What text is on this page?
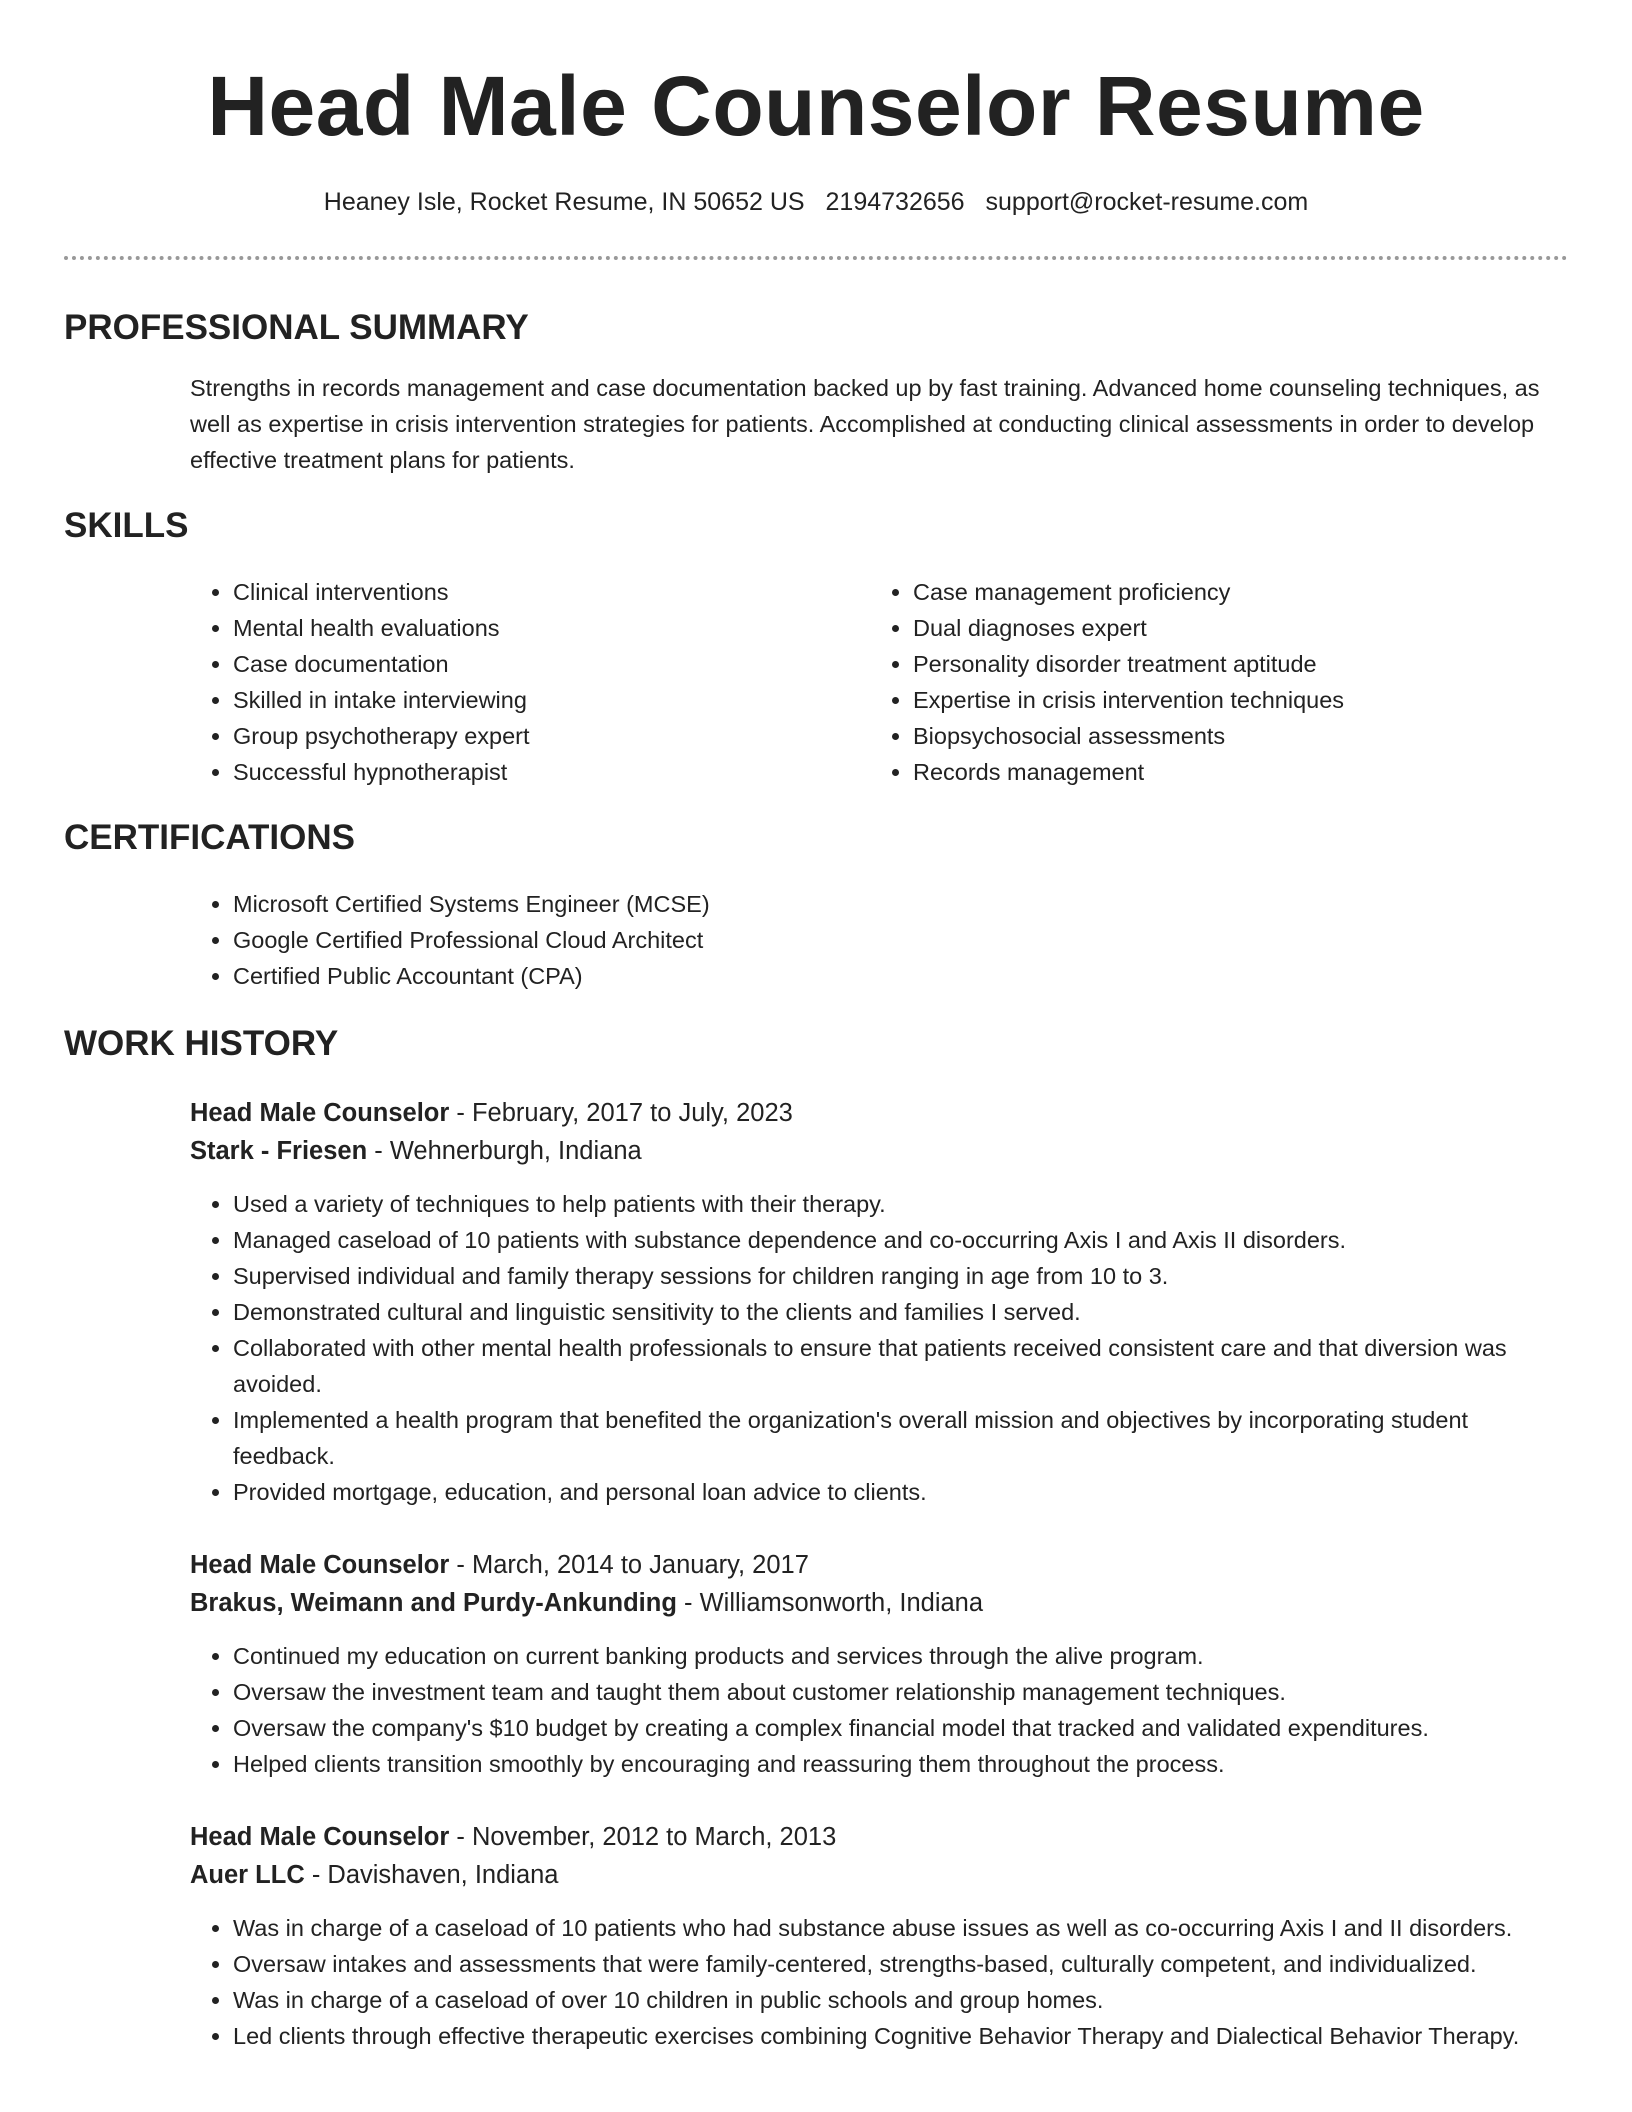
Head Male Counselor Resume
Heaney Isle, Rocket Resume, IN 50652 US 2194732656 support@rocket-resume.com
PROFESSIONAL SUMMARY
Strengths in records management and case documentation backed up by fast training. Advanced home counseling techniques, as well as expertise in crisis intervention strategies for patients. Accomplished at conducting clinical assessments in order to develop effective treatment plans for patients.
SKILLS
• Clinical interventions
• Mental health evaluations
• Case documentation
• Skilled in intake interviewing
• Group psychotherapy expert
• Successful hypnotherapist
• Case management proficiency
• Dual diagnoses expert
• Personality disorder treatment aptitude
• Expertise in crisis intervention techniques
• Biopsychosocial assessments
• Records management
CERTIFICATIONS
• Microsoft Certified Systems Engineer (MCSE)
• Google Certified Professional Cloud Architect
• Certified Public Accountant (CPA)
WORK HISTORY
Head Male Counselor - February, 2017 to July, 2023
Stark - Friesen - Wehnerburgh, Indiana
• Used a variety of techniques to help patients with their therapy.
• Managed caseload of 10 patients with substance dependence and co-occurring Axis I and Axis II disorders.
• Supervised individual and family therapy sessions for children ranging in age from 10 to 3.
• Demonstrated cultural and linguistic sensitivity to the clients and families I served.
• Collaborated with other mental health professionals to ensure that patients received consistent care and that diversion was avoided.
• Implemented a health program that benefited the organization's overall mission and objectives by incorporating student feedback.
• Provided mortgage, education, and personal loan advice to clients.
Head Male Counselor - March, 2014 to January, 2017
Brakus, Weimann and Purdy-Ankunding - Williamsonworth, Indiana
• Continued my education on current banking products and services through the alive program.
• Oversaw the investment team and taught them about customer relationship management techniques.
• Oversaw the company's $10 budget by creating a complex financial model that tracked and validated expenditures.
• Helped clients transition smoothly by encouraging and reassuring them throughout the process.
Head Male Counselor - November, 2012 to March, 2013
Auer LLC - Davishaven, Indiana
• Was in charge of a caseload of 10 patients who had substance abuse issues as well as co-occurring Axis I and II disorders.
• Oversaw intakes and assessments that were family-centered, strengths-based, culturally competent, and individualized.
• Was in charge of a caseload of over 10 children in public schools and group homes.
• Led clients through effective therapeutic exercises combining Cognitive Behavior Therapy and Dialectical Behavior Therapy.
